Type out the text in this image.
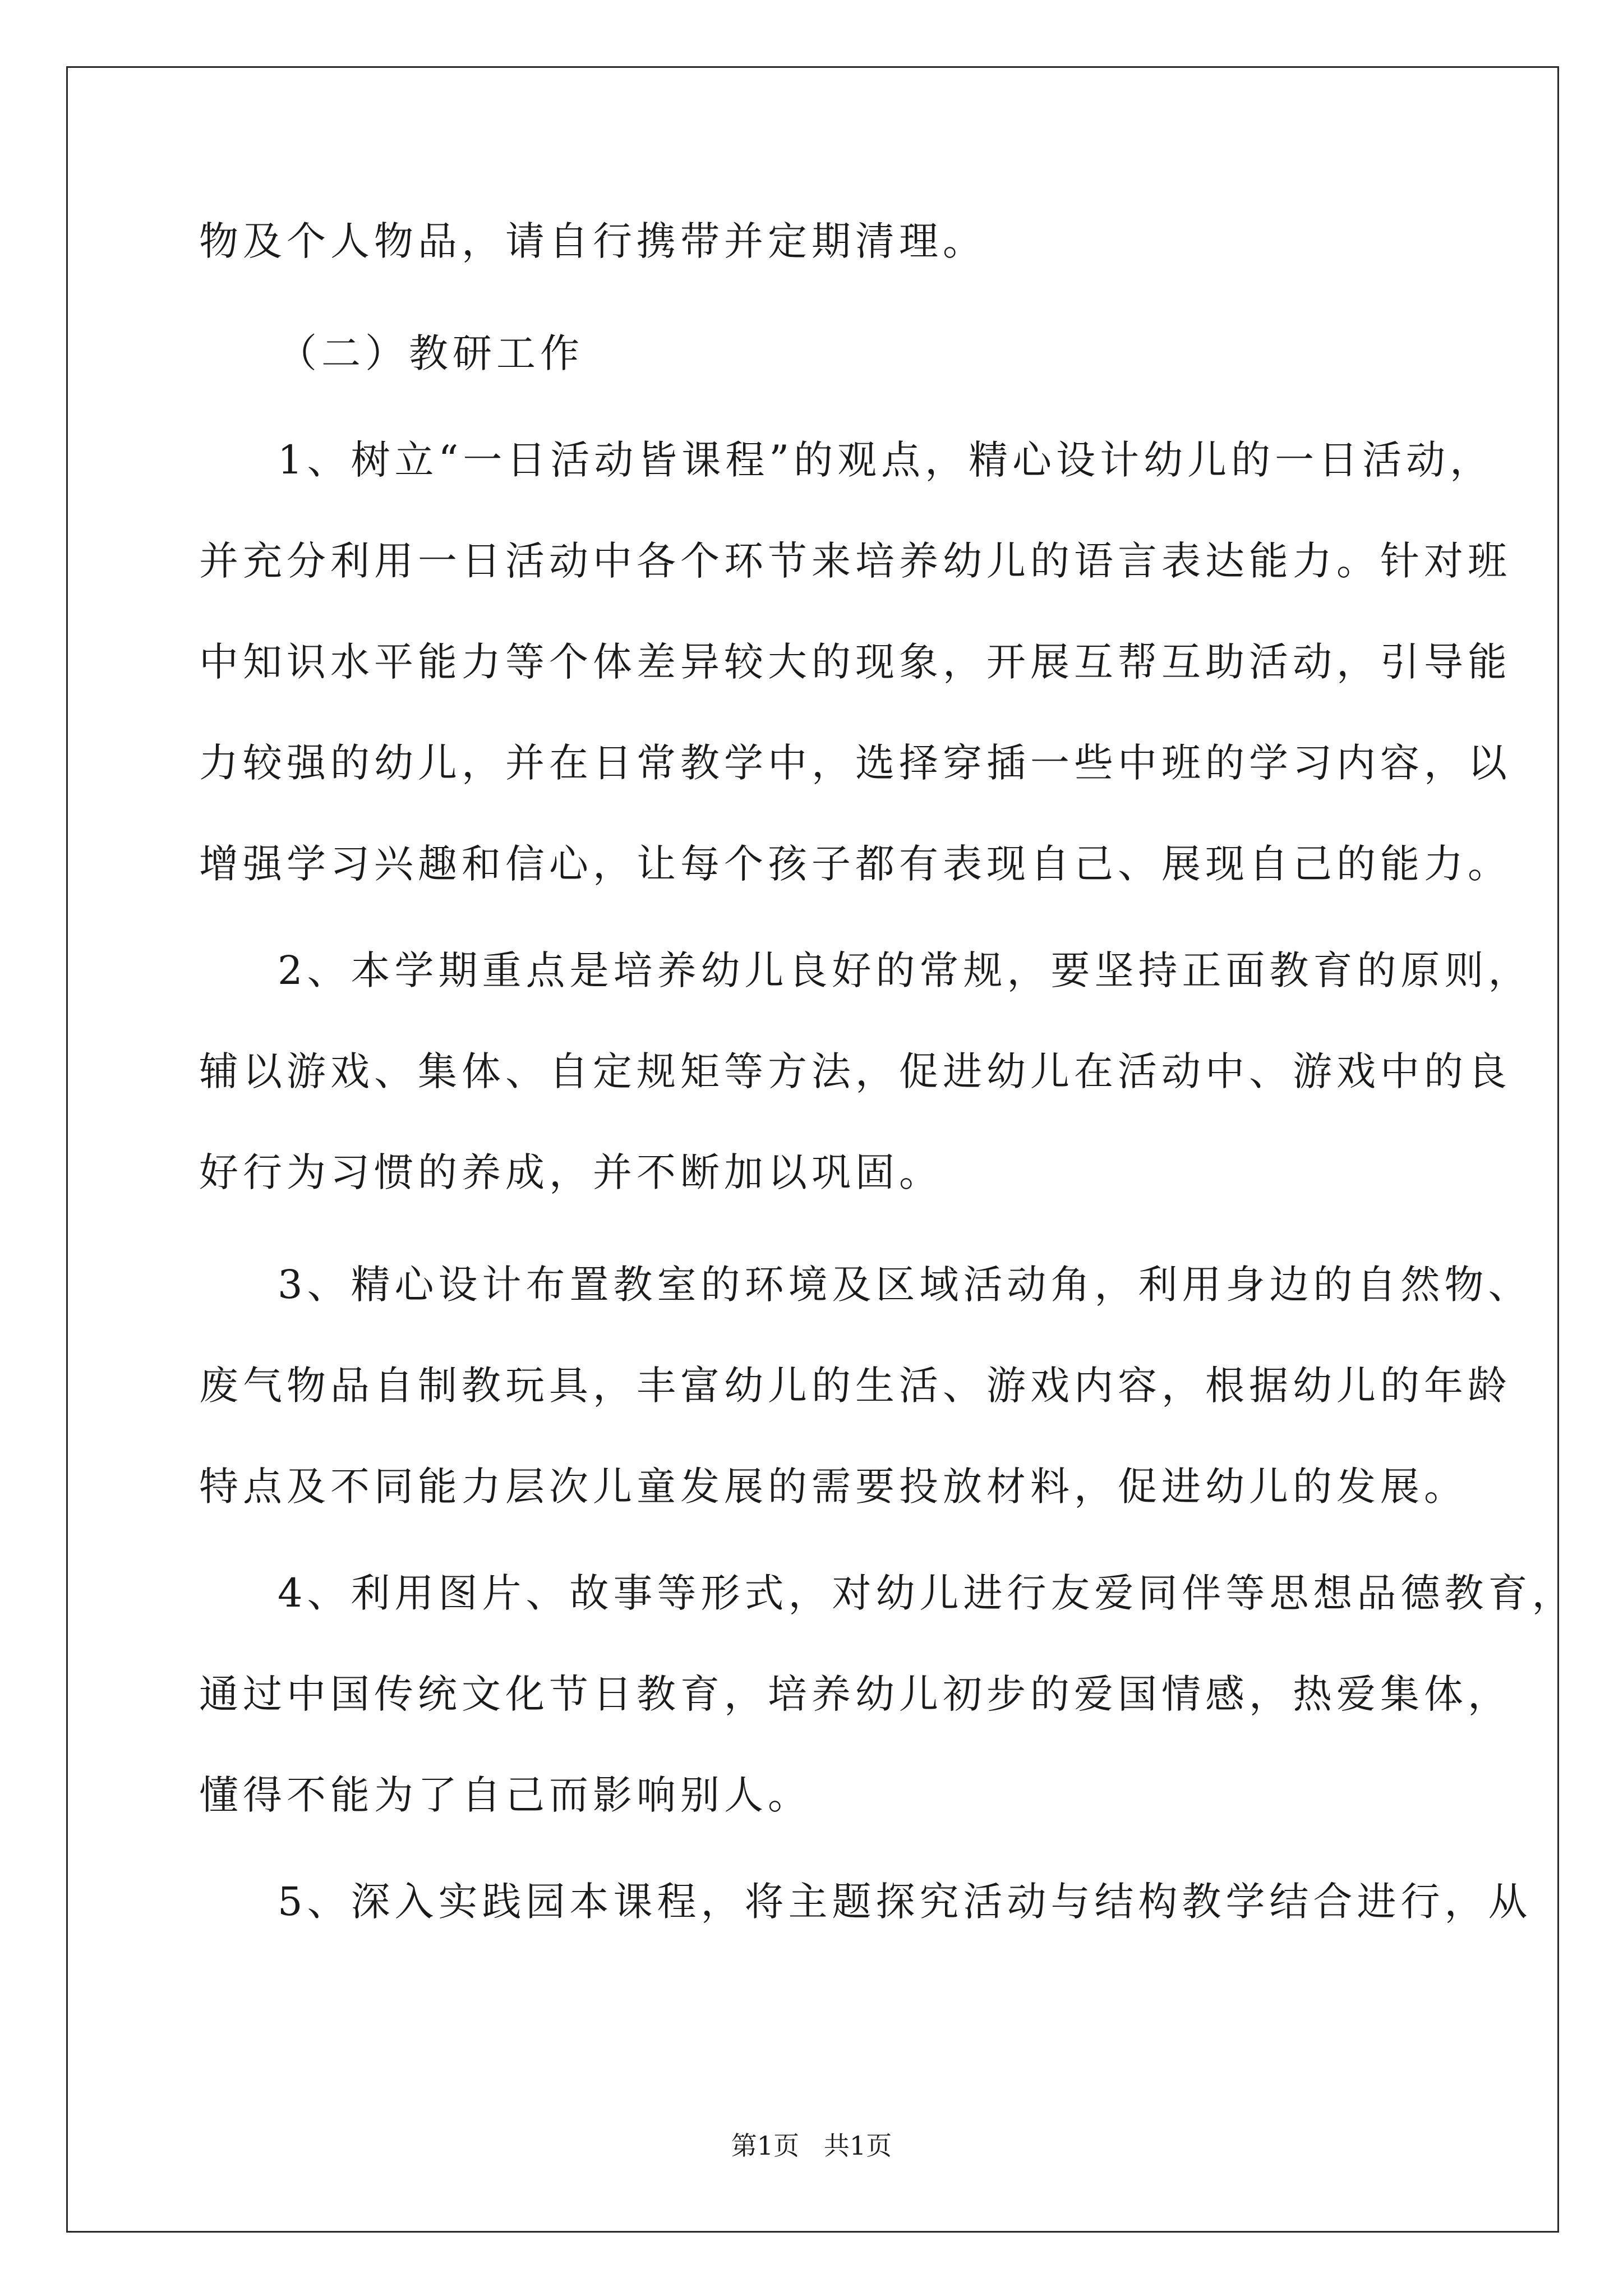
物及个人物品，请自行携带并定期清理。
（二）教研工作
1、树立“一日活动皆课程”的观点，精心设计幼儿的一日活动，
并充分利用一日活动中各个环节来培养幼儿的语言表达能力。针对班
中知识水平能力等个体差异较大的现象，开展互帮互助活动，引导能
力较强的幼儿，并在日常教学中，选择穿插一些中班的学习内容，以
增强学习兴趣和信心，让每个孩子都有表现自己、展现自己的能力。
2、本学期重点是培养幼儿良好的常规，要坚持正面教育的原则，
辅以游戏、集体、自定规矩等方法，促进幼儿在活动中、游戏中的良
好行为习惯的养成，并不断加以巩固。
3、精心设计布置教室的环境及区域活动角，利用身边的自然物、
废气物品自制教玩具，丰富幼儿的生活、游戏内容，根据幼儿的年龄
特点及不同能力层次儿童发展的需要投放材料，促进幼儿的发展。
4、利用图片、故事等形式，对幼儿进行友爱同伴等思想品德教育，
通过中国传统文化节日教育，培养幼儿初步的爱国情感，热爱集体，
懂得不能为了自己而影响别人。
5、深入实践园本课程，将主题探究活动与结构教学结合进行，从
第1页   共1页
